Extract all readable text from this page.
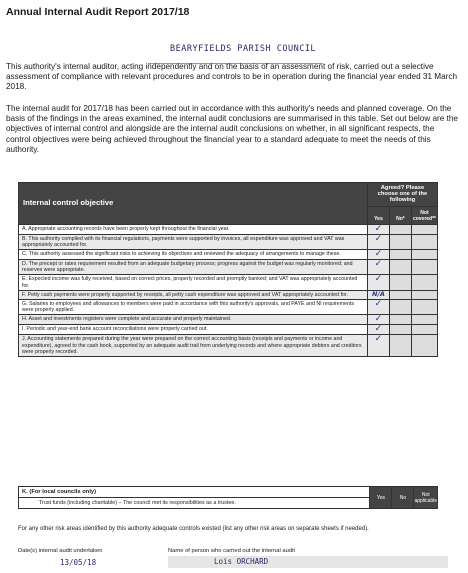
Annual Internal Audit Report 2017/18
BEARYFIELDS PARISH COUNCIL

This authority's internal auditor, acting independently and on the basis of an assessment of risk, carried out a selective assessment of compliance with relevant procedures and controls to be in operation during the financial year ended 31 March 2018.

The internal audit for 2017/18 has been carried out in accordance with this authority's needs and planned coverage. On the basis of the findings in the areas examined, the internal audit conclusions are summarised in this table. Set out below are the objectives of internal control and alongside are the internal audit conclusions on whether, in all significant respects, the control objectives were being achieved throughout the financial year to a standard adequate to meet the needs of this authority.

Internal control objective	Agreed? Please choose one of the following		
	Yes	No*	Not covered**
A. Appropriate accounting records have been properly kept throughout the financial year.	✓		
B. This authority complied with its financial regulations, payments were supported by invoices, all expenditure was approved and VAT was appropriately accounted for.	✓		
C. This authority assessed the significant risks to achieving its objectives and reviewed the adequacy of arrangements to manage these.	✓		
D. The precept or rates requirement resulted from an adequate budgetary process; progress against the budget was regularly monitored; and reserves were appropriate.	✓		
E. Expected income was fully received, based on correct prices, properly recorded and promptly banked; and VAT was appropriately accounted for.	✓		
F. Petty cash payments were properly supported by receipts, all petty cash expenditure was approved and VAT appropriately accounted for.	N/A		
G. Salaries to employees and allowances to members were paid in accordance with this authority's approvals, and PAYE and NI requirements were properly applied.	✓		
H. Asset and investments registers were complete and accurate and properly maintained.	✓		
I. Periodic and year-end bank account reconciliations were properly carried out.	✓		
J. Accounting statements prepared during the year were prepared on the correct accounting basis (receipts and payments or income and expenditure), agreed to the cash book, supported by an adequate audit trail from underlying records and where appropriate debtors and creditors were properly recorded.	✓		
K. (For local councils only)	Yes	No	Not applicable
Trust funds (including charitable) – The council met its responsibilities as a trustee.

For any other risk areas identified by this authority adequate controls existed (list any other risk areas on separate sheets if needed).

Date(s) internal audit undertaken
13/05/18
Name of person who carried out the internal audit
Lois ORCHARD
